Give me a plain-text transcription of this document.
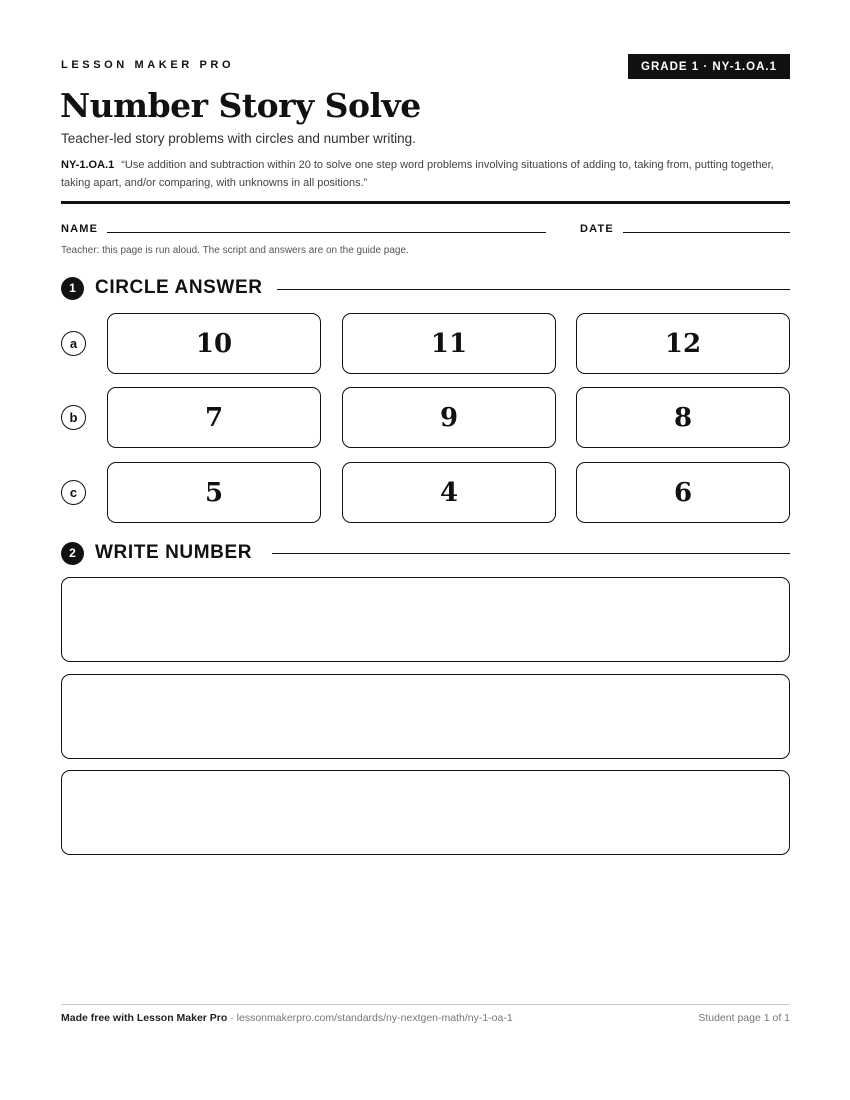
LESSON MAKER PRO	GRADE 1 · NY-1.OA.1
Number Story Solve
Teacher-led story problems with circles and number writing.
NY-1.OA.1 “Use addition and subtraction within 20 to solve one step word problems involving situations of adding to, taking from, putting together, taking apart, and/or comparing, with unknowns in all positions.”
NAME	DATE
Teacher: this page is run aloud. The script and answers are on the guide page.
1	CIRCLE ANSWER
a	10	11	12
b	7	9	8
c	5	4	6
2	WRITE NUMBER
Made free with Lesson Maker Pro · lessonmakerpro.com/standards/ny-nextgen-math/ny-1-oa-1	Student page 1 of 1
